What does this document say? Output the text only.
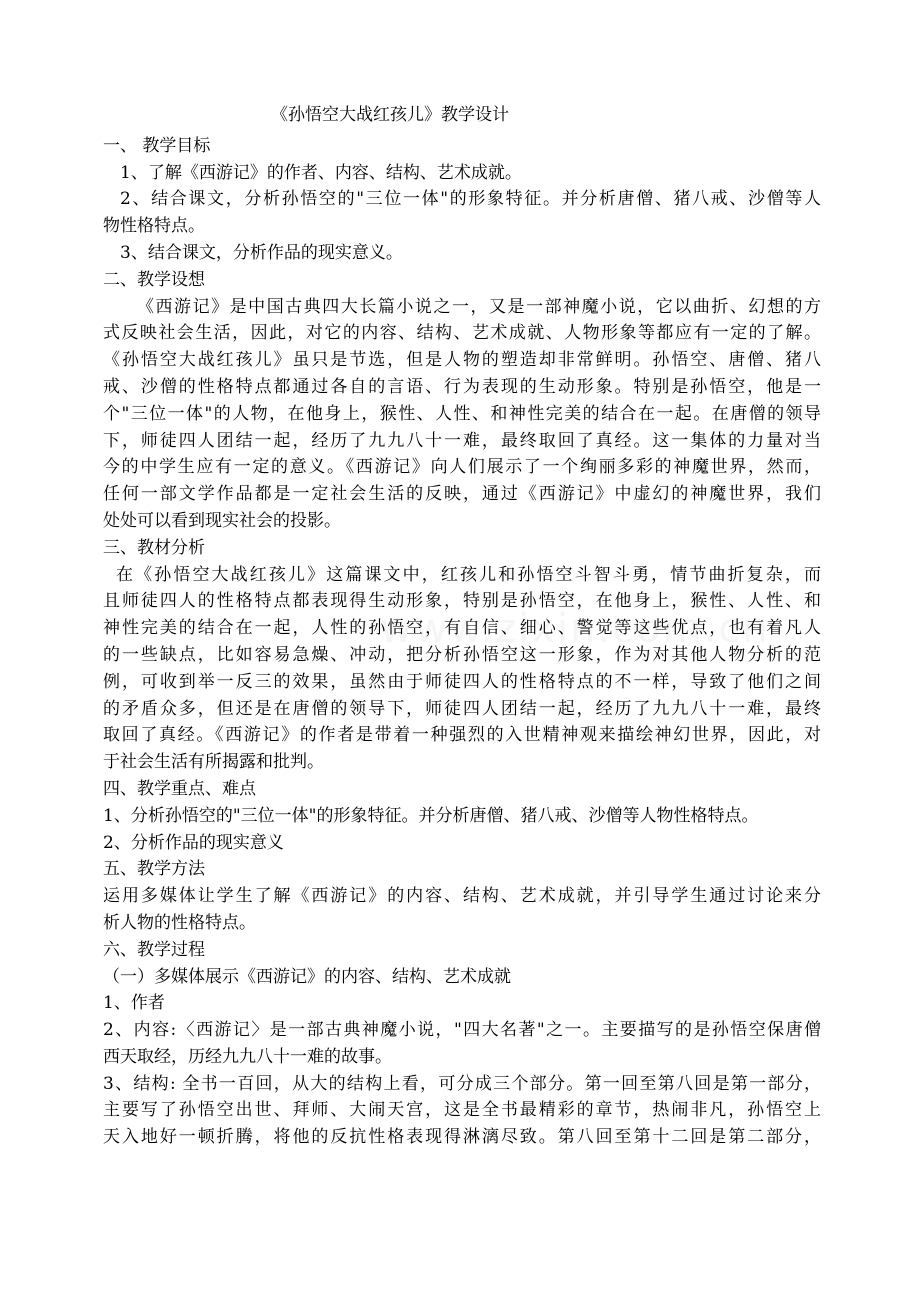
《孙悟空大战红孩儿》教学设计
一、 教学目标
1、了解《西游记》的作者、内容、结构、艺术成就。
2、结合课文，分析孙悟空的"三位一体"的形象特征。并分析唐僧、猪八戒、沙僧等人
物性格特点。
3、结合课文，分析作品的现实意义。
二、教学设想
《西游记》是中国古典四大长篇小说之一，又是一部神魔小说，它以曲折、幻想的方
式反映社会生活，因此，对它的内容、结构、艺术成就、人物形象等都应有一定的了解。
《孙悟空大战红孩儿》虽只是节选，但是人物的塑造却非常鲜明。孙悟空、唐僧、猪八
戒、沙僧的性格特点都通过各自的言语、行为表现的生动形象。特别是孙悟空，他是一
个"三位一体"的人物，在他身上，猴性、人性、和神性完美的结合在一起。在唐僧的领导
下，师徒四人团结一起，经历了九九八十一难，最终取回了真经。这一集体的力量对当
今的中学生应有一定的意义。《西游记》向人们展示了一个绚丽多彩的神魔世界，然而，
任何一部文学作品都是一定社会生活的反映，通过《西游记》中虚幻的神魔世界，我们
处处可以看到现实社会的投影。
三、教材分析
在《孙悟空大战红孩儿》这篇课文中，红孩儿和孙悟空斗智斗勇，情节曲折复杂，而
且师徒四人的性格特点都表现得生动形象，特别是孙悟空，在他身上，猴性、人性、和
神性完美的结合在一起，人性的孙悟空，有自信、细心、警觉等这些优点，也有着凡人
的一些缺点，比如容易急燥、冲动，把分析孙悟空这一形象，作为对其他人物分析的范
例，可收到举一反三的效果，虽然由于师徒四人的性格特点的不一样，导致了他们之间
的矛盾众多，但还是在唐僧的领导下，师徒四人团结一起，经历了九九八十一难，最终
取回了真经。《西游记》的作者是带着一种强烈的入世精神观来描绘神幻世界，因此，对
于社会生活有所揭露和批判。
四、教学重点、难点
1、分析孙悟空的"三位一体"的形象特征。并分析唐僧、猪八戒、沙僧等人物性格特点。
2、分析作品的现实意义
五、教学方法
运用多媒体让学生了解《西游记》的内容、结构、艺术成就，并引导学生通过讨论来分
析人物的性格特点。
六、教学过程
（一）多媒体展示《西游记》的内容、结构、艺术成就
1、作者
2、内容:〈西游记〉是一部古典神魔小说，"四大名著"之一。主要描写的是孙悟空保唐僧
西天取经，历经九九八十一难的故事。
3、结构: 全书一百回，从大的结构上看，可分成三个部分。第一回至第八回是第一部分，
主要写了孙悟空出世、拜师、大闹天宫，这是全书最精彩的章节，热闹非凡，孙悟空上
天入地好一顿折腾，将他的反抗性格表现得淋漓尽致。第八回至第十二回是第二部分，
